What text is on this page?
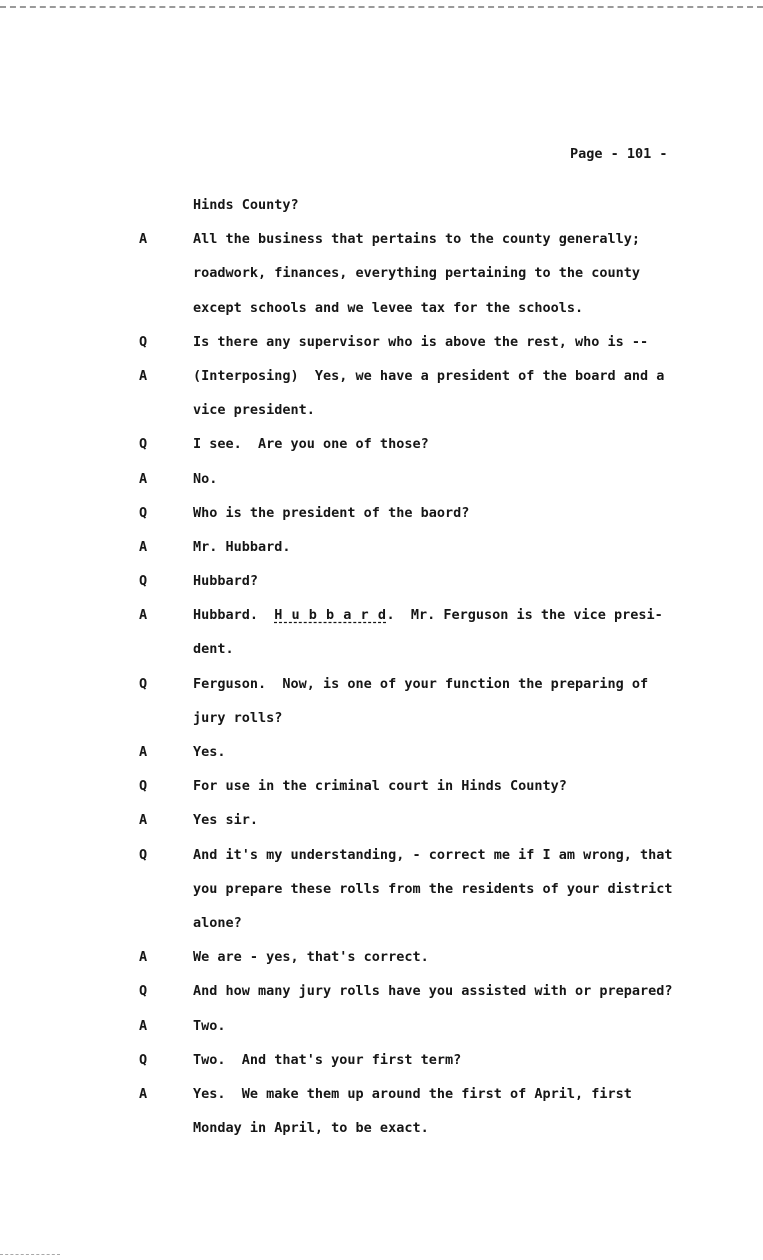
Page - 101 -

Hinds County?

A

	All the business that pertains to the county generally;

roadwork, finances, everything pertaining to the county

except schools and we levee tax for the schools.

Q

	Is there any supervisor who is above the rest, who is --

A

	(Interposing)  Yes, we have a president of the board and a

vice president.

Q

	I see.  Are you one of those?

A

	No.

Q

	Who is the president of the baord?

A

	Mr. Hubbard.

Q

	Hubbard?

A

	Hubbard.  H u b b a r d.  Mr. Ferguson is the vice presi-

dent.

Q

	Ferguson.  Now, is one of your function the preparing of

jury rolls?

A

	Yes.

Q

	For use in the criminal court in Hinds County?

A

	Yes sir.

Q

	And it's my understanding, - correct me if I am wrong, that

you prepare these rolls from the residents of your district

alone?

A

	We are - yes, that's correct.

Q

	And how many jury rolls have you assisted with or prepared?

A

	Two.

Q

	Two.  And that's your first term?

A

	Yes.  We make them up around the first of April, first

Monday in April, to be exact.
